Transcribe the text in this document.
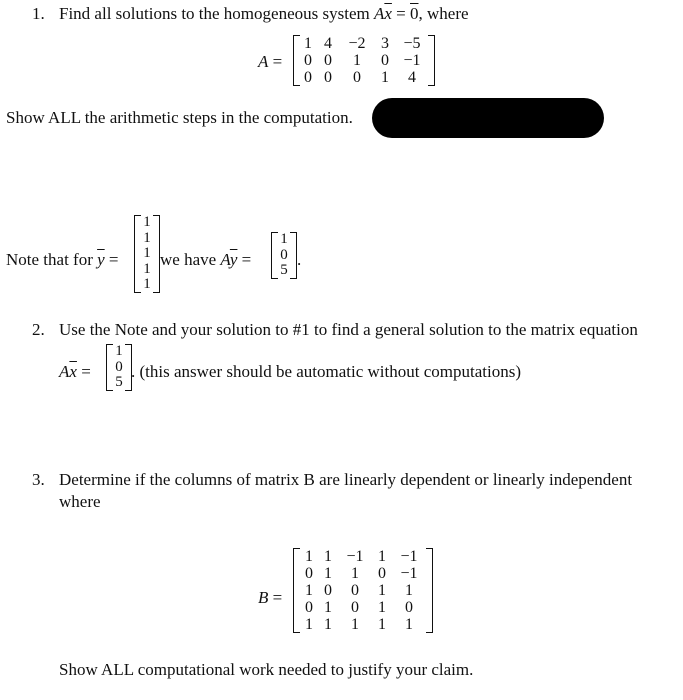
1. Find all solutions to the homogeneous system $A\overline{x} = 0$, where
A =
1	4	−2	3	−5
0	0	1	0	−1
0	0	0	1	4
Show ALL the arithmetic steps in the computation.
Note that for $\overline{y}$ =
1
1
1
1
1
we have $A\overline{y}$ =
1
0
5
.
2. Use the Note and your solution to #1 to find a general solution to the matrix equation
$A\overline{x}$ =
1
0
5
. (this answer should be automatic without computations)
3. Determine if the columns of matrix B are linearly dependent or linearly independent
where
B =
1	1	−1	1	−1
0	1	1	0	−1
1	0	0	1	1
0	1	0	1	0
1	1	1	1	1
Show ALL computational work needed to justify your claim.
